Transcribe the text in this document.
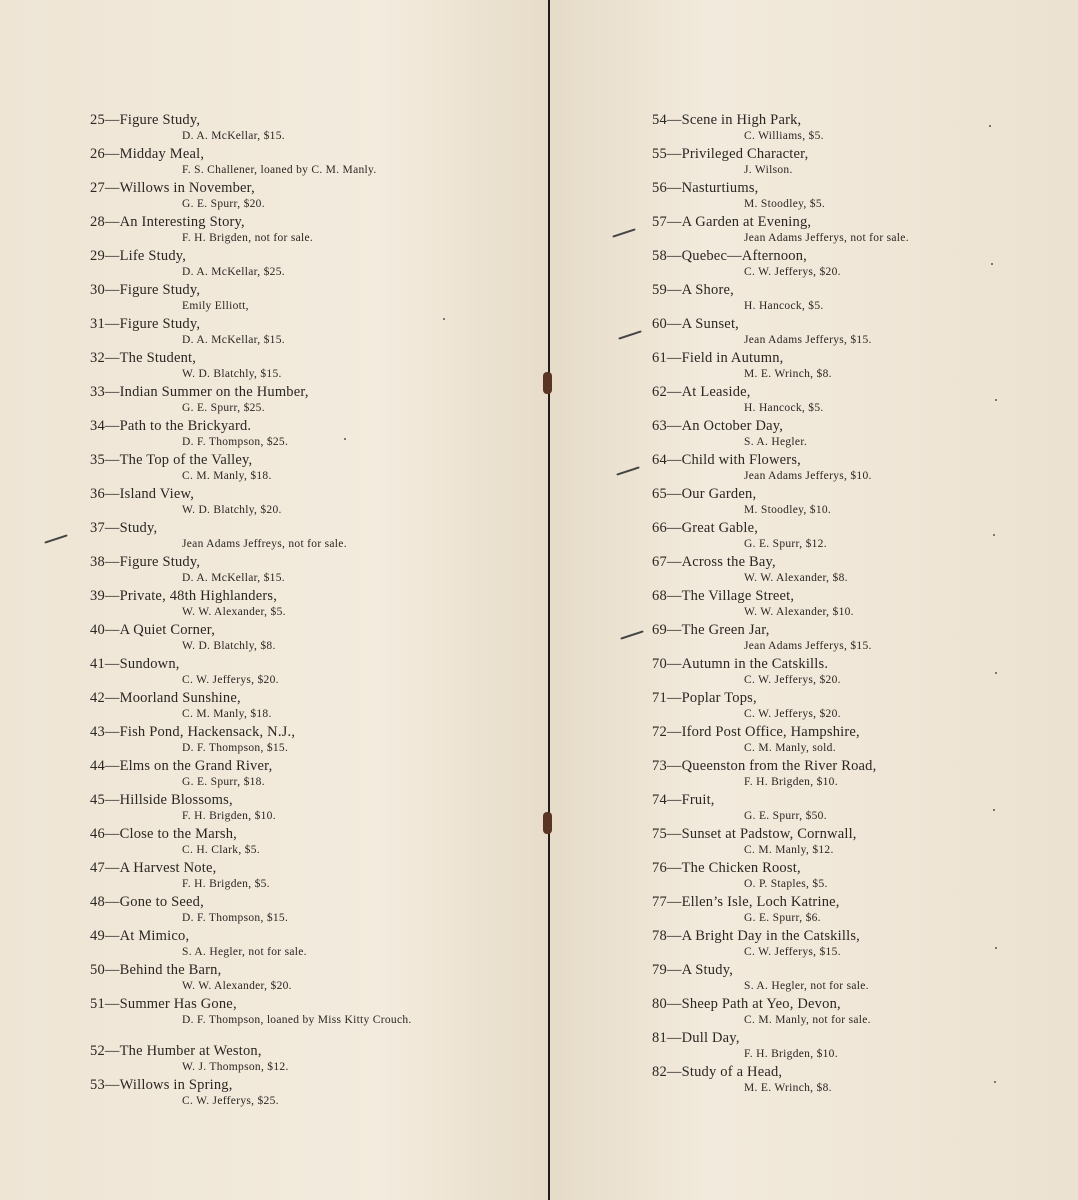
25—Figure Study,
D. A. McKellar, $15.
26—Midday Meal,
F. S. Challener, loaned by C. M. Manly.
27—Willows in November,
G. E. Spurr, $20.
28—An Interesting Story,
F. H. Brigden, not for sale.
29—Life Study,
D. A. McKellar, $25.
30—Figure Study,
Emily Elliott,
31—Figure Study,
D. A. McKellar, $15.
32—The Student,
W. D. Blatchly, $15.
33—Indian Summer on the Humber,
G. E. Spurr, $25.
34—Path to the Brickyard.
D. F. Thompson, $25.
35—The Top of the Valley,
C. M. Manly, $18.
36—Island View,
W. D. Blatchly, $20.
37—Study,
Jean Adams Jeffreys, not for sale.
38—Figure Study,
D. A. McKellar, $15.
39—Private, 48th Highlanders,
W. W. Alexander, $5.
40—A Quiet Corner,
W. D. Blatchly, $8.
41—Sundown,
C. W. Jefferys, $20.
42—Moorland Sunshine,
C. M. Manly, $18.
43—Fish Pond, Hackensack, N.J.,
D. F. Thompson, $15.
44—Elms on the Grand River,
G. E. Spurr, $18.
45—Hillside Blossoms,
F. H. Brigden, $10.
46—Close to the Marsh,
C. H. Clark, $5.
47—A Harvest Note,
F. H. Brigden, $5.
48—Gone to Seed,
D. F. Thompson, $15.
49—At Mimico,
S. A. Hegler, not for sale.
50—Behind the Barn,
W. W. Alexander, $20.
51—Summer Has Gone,
D. F. Thompson, loaned by Miss Kitty Crouch.
52—The Humber at Weston,
W. J. Thompson, $12.
53—Willows in Spring,
C. W. Jefferys, $25.
54—Scene in High Park,
C. Williams, $5.
55—Privileged Character,
J. Wilson.
56—Nasturtiums,
M. Stoodley, $5.
57—A Garden at Evening,
Jean Adams Jefferys, not for sale.
58—Quebec—Afternoon,
C. W. Jefferys, $20.
59—A Shore,
H. Hancock, $5.
60—A Sunset,
Jean Adams Jefferys, $15.
61—Field in Autumn,
M. E. Wrinch, $8.
62—At Leaside,
H. Hancock, $5.
63—An October Day,
S. A. Hegler.
64—Child with Flowers,
Jean Adams Jefferys, $10.
65—Our Garden,
M. Stoodley, $10.
66—Great Gable,
G. E. Spurr, $12.
67—Across the Bay,
W. W. Alexander, $8.
68—The Village Street,
W. W. Alexander, $10.
69—The Green Jar,
Jean Adams Jefferys, $15.
70—Autumn in the Catskills.
C. W. Jefferys, $20.
71—Poplar Tops,
C. W. Jefferys, $20.
72—Iford Post Office, Hampshire,
C. M. Manly, sold.
73—Queenston from the River Road,
F. H. Brigden, $10.
74—Fruit,
G. E. Spurr, $50.
75—Sunset at Padstow, Cornwall,
C. M. Manly, $12.
76—The Chicken Roost,
O. P. Staples, $5.
77—Ellen’s Isle, Loch Katrine,
G. E. Spurr, $6.
78—A Bright Day in the Catskills,
C. W. Jefferys, $15.
79—A Study,
S. A. Hegler, not for sale.
80—Sheep Path at Yeo, Devon,
C. M. Manly, not for sale.
81—Dull Day,
F. H. Brigden, $10.
82—Study of a Head,
M. E. Wrinch, $8.
